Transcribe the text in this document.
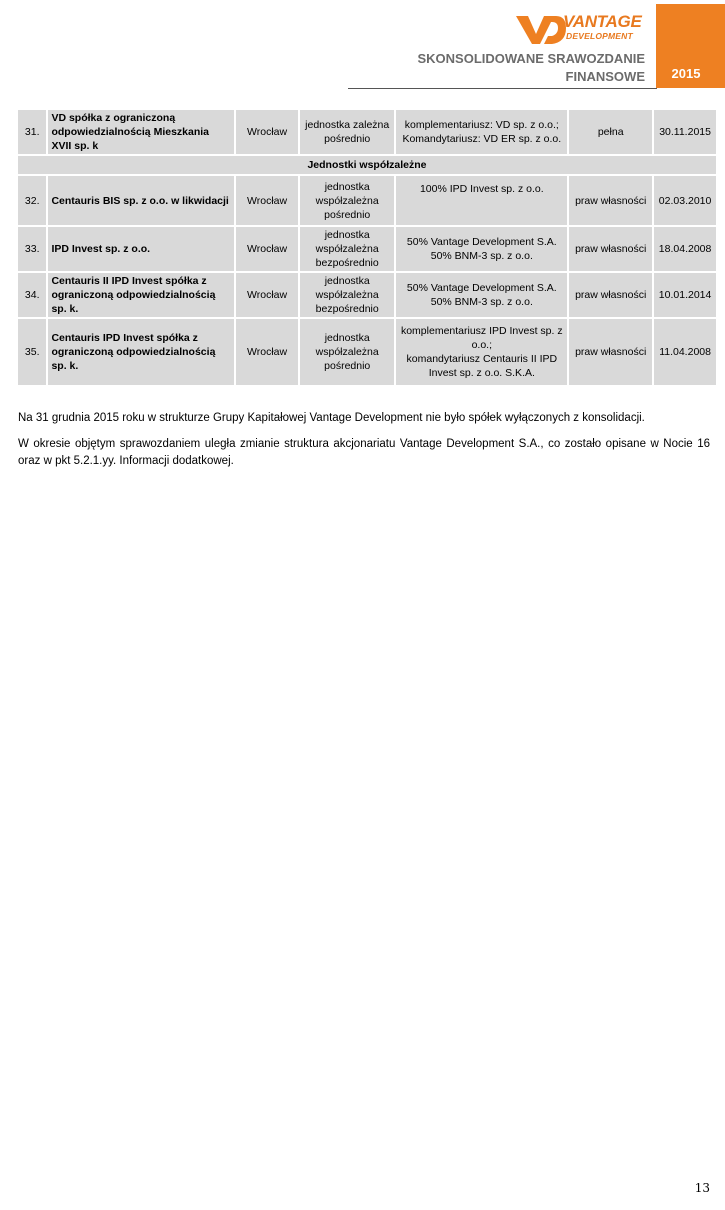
VANTAGE
DEVELOPMENT
SKONSOLIDOWANE SRAWOZDANIE
FINANSOWE	2015
31.	VD spółka z ograniczoną odpowiedzialnością Mieszkania XVII sp. k	Wrocław	jednostka zależna pośrednio	komplementariusz: VD sp. z o.o.;
Komandytariusz: VD ER sp. z o.o.	pełna	30.11.2015
Jednostki współzależne						
32.	Centauris BIS sp. z o.o. w likwidacji	Wrocław	jednostka współzależna pośrednio	100% IPD Invest sp. z o.o.	praw własności	02.03.2010
33.	IPD Invest sp. z o.o.	Wrocław	jednostka współzależna bezpośrednio	50% Vantage Development S.A.
50% BNM-3 sp. z o.o.	praw własności	18.04.2008
34.	Centauris II IPD Invest spółka z ograniczoną odpowiedzialnością sp. k.	Wrocław	jednostka współzależna bezpośrednio	50% Vantage Development S.A.
50% BNM-3 sp. z o.o.	praw własności	10.01.2014
35.	Centauris IPD Invest spółka z ograniczoną odpowiedzialnością sp. k.	Wrocław	jednostka współzależna pośrednio	komplementariusz IPD Invest sp. z o.o.;
komandytariusz Centauris II IPD Invest sp. z o.o. S.K.A.	praw własności	11.04.2008
Na 31 grudnia 2015 roku w strukturze Grupy Kapitałowej Vantage Development nie było spółek wyłączonych z konsolidacji.
W okresie objętym sprawozdaniem uległa zmianie struktura akcjonariatu Vantage Development S.A., co zostało opisane w Nocie 16 oraz w pkt 5.2.1.yy. Informacji dodatkowej.
13
